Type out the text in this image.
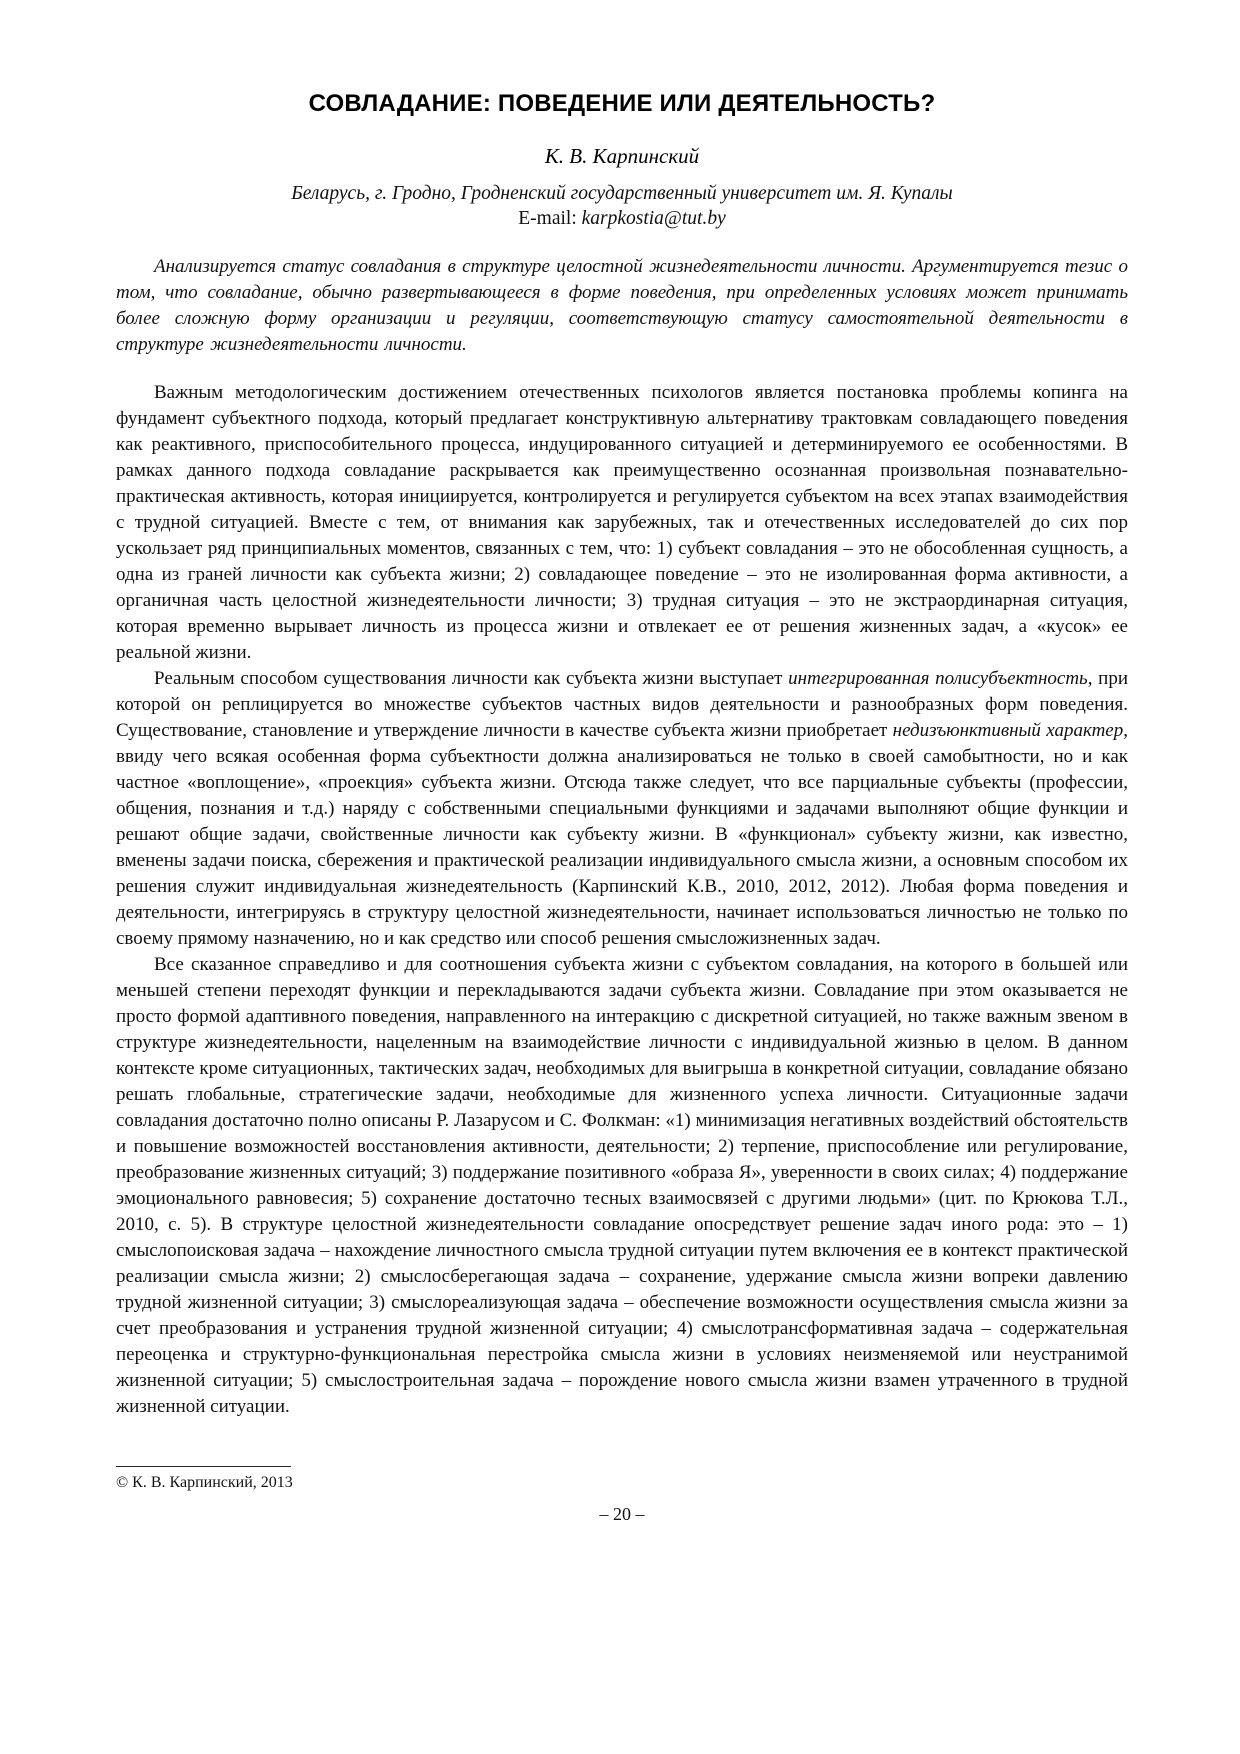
СОВЛАДАНИЕ: ПОВЕДЕНИЕ ИЛИ ДЕЯТЕЛЬНОСТЬ?
К. В. Карпинский
Беларусь, г. Гродно, Гродненский государственный университет им. Я. Купалы
E-mail: karpkostia@tut.by

Анализируется статус совладания в структуре целостной жизнедеятельности личности. Аргументируется тезис о том, что совладание, обычно развертывающееся в форме поведения, при определенных условиях может принимать более сложную форму организации и регуляции, соответствующую статусу самостоятельной деятельности в структуре жизнедеятельности личности.

Важным методологическим достижением отечественных психологов является постановка проблемы копинга на фундамент субъектного подхода, который предлагает конструктивную альтернативу трактовкам совладающего поведения как реактивного, приспособительного процесса, индуцированного ситуацией и детерминируемого ее особенностями. В рамках данного подхода совладание раскрывается как преимущественно осознанная произвольная познавательно-практическая активность, которая инициируется, контролируется и регулируется субъектом на всех этапах взаимодействия с трудной ситуацией. Вместе с тем, от внимания как зарубежных, так и отечественных исследователей до сих пор ускользает ряд принципиальных моментов, связанных с тем, что: 1) субъект совладания – это не обособленная сущность, а одна из граней личности как субъекта жизни; 2) совладающее поведение – это не изолированная форма активности, а органичная часть целостной жизнедеятельности личности; 3) трудная ситуация – это не экстраординарная ситуация, которая временно вырывает личность из процесса жизни и отвлекает ее от решения жизненных задач, а «кусок» ее реальной жизни.

Реальным способом существования личности как субъекта жизни выступает интегрированная полисубъектность, при которой он реплицируется во множестве субъектов частных видов деятельности и разнообразных форм поведения. Существование, становление и утверждение личности в качестве субъекта жизни приобретает недизъюнктивный характер, ввиду чего всякая особенная форма субъектности должна анализироваться не только в своей самобытности, но и как частное «воплощение», «проекция» субъекта жизни. Отсюда также следует, что все парциальные субъекты (профессии, общения, познания и т.д.) наряду с собственными специальными функциями и задачами выполняют общие функции и решают общие задачи, свойственные личности как субъекту жизни. В «функционал» субъекту жизни, как известно, вменены задачи поиска, сбережения и практической реализации индивидуального смысла жизни, а основным способом их решения служит индивидуальная жизнедеятельность (Карпинский К.В., 2010, 2012, 2012). Любая форма поведения и деятельности, интегрируясь в структуру целостной жизнедеятельности, начинает использоваться личностью не только по своему прямому назначению, но и как средство или способ решения смысложизненных задач.

Все сказанное справедливо и для соотношения субъекта жизни с субъектом совладания, на которого в большей или меньшей степени переходят функции и перекладываются задачи субъекта жизни. Совладание при этом оказывается не просто формой адаптивного поведения, направленного на интеракцию с дискретной ситуацией, но также важным звеном в структуре жизнедеятельности, нацеленным на взаимодействие личности с индивидуальной жизнью в целом. В данном контексте кроме ситуационных, тактических задач, необходимых для выигрыша в конкретной ситуации, совладание обязано решать глобальные, стратегические задачи, необходимые для жизненного успеха личности. Ситуационные задачи совладания достаточно полно описаны Р. Лазарусом и С. Фолкман: «1) минимизация негативных воздействий обстоятельств и повышение возможностей восстановления активности, деятельности; 2) терпение, приспособление или регулирование, преобразование жизненных ситуаций; 3) поддержание позитивного «образа Я», уверенности в своих силах; 4) поддержание эмоционального равновесия; 5) сохранение достаточно тесных взаимосвязей с другими людьми» (цит. по Крюкова Т.Л., 2010, с. 5). В структуре целостной жизнедеятельности совладание опосредствует решение задач иного рода: это – 1) смыслопоисковая задача – нахождение личностного смысла трудной ситуации путем включения ее в контекст практической реализации смысла жизни; 2) смыслосберегающая задача – сохранение, удержание смысла жизни вопреки давлению трудной жизненной ситуации; 3) смыслореализующая задача – обеспечение возможности осуществления смысла жизни за счет преобразования и устранения трудной жизненной ситуации; 4) смыслотрансформативная задача – содержательная переоценка и структурно-функциональная перестройка смысла жизни в условиях неизменяемой или неустранимой жизненной ситуации; 5) смыслостроительная задача – порождение нового смысла жизни взамен утраченного в трудной жизненной ситуации.

© К. В. Карпинский, 2013
– 20 –
